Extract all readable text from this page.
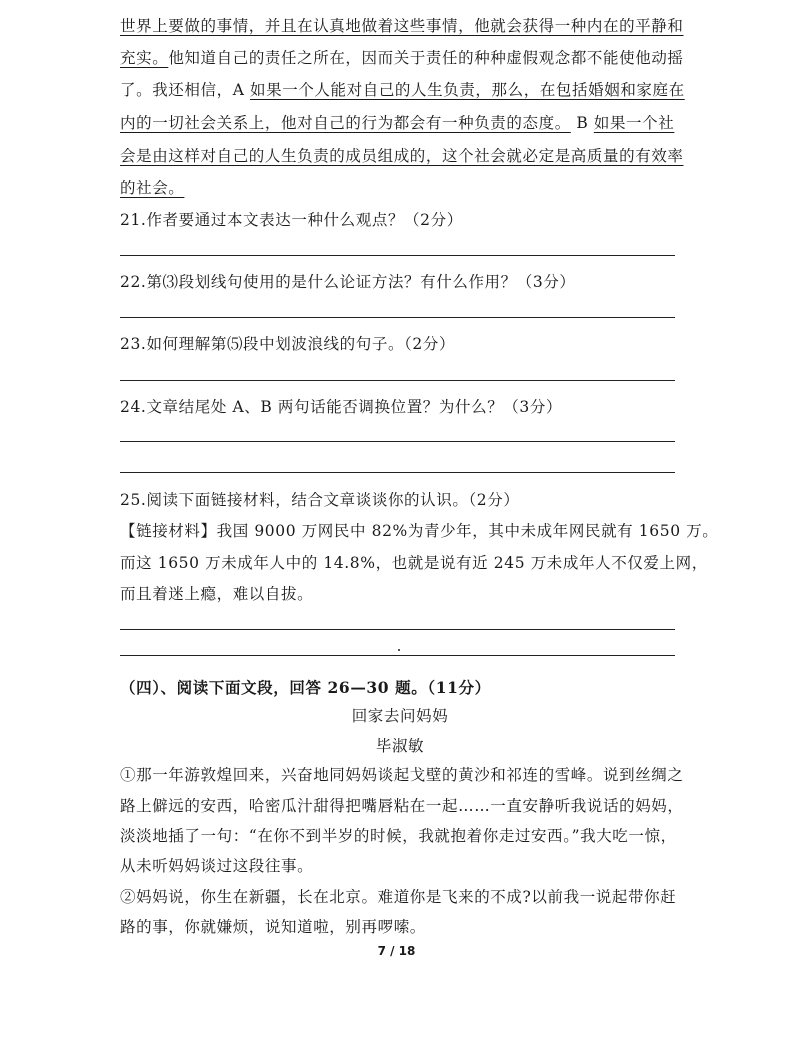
世界上要做的事情，并且在认真地做着这些事情，他就会获得一种内在的平静和
充实。他知道自己的责任之所在，因而关于责任的种种虚假观念都不能使他动摇
了。我还相信，A 如果一个人能对自己的人生负责，那么，在包括婚姻和家庭在
内的一切社会关系上，他对自己的行为都会有一种负责的态度。 B 如果一个社
会是由这样对自己的人生负责的成员组成的，这个社会就必定是高质量的有效率
的社会。
21.作者要通过本文表达一种什么观点？（2分）
22.第⑶段划线句使用的是什么论证方法？有什么作用？（3分）
23.如何理解第⑸段中划波浪线的句子。（2分）
24.文章结尾处 A、B 两句话能否调换位置？为什么？（3分）
25.阅读下面链接材料，结合文章谈谈你的认识。（2分）
【链接材料】我国 9000 万网民中 82%为青少年，其中未成年网民就有 1650 万。
而这 1650 万未成年人中的 14.8%，也就是说有近 245 万未成年人不仅爱上网，
而且着迷上瘾，难以自拔。
（四）、阅读下面文段，回答 26—30 题。（11分）
回家去问妈妈
毕淑敏
①那一年游敦煌回来，兴奋地同妈妈谈起戈壁的黄沙和祁连的雪峰。说到丝绸之
路上僻远的安西，哈密瓜汁甜得把嘴唇粘在一起……一直安静听我说话的妈妈，
淡淡地插了一句：“在你不到半岁的时候，我就抱着你走过安西。”我大吃一惊，
从未听妈妈谈过这段往事。
②妈妈说，你生在新疆，长在北京。难道你是飞来的不成?以前我一说起带你赶
路的事，你就嫌烦，说知道啦，别再啰嗦。
7 / 18
